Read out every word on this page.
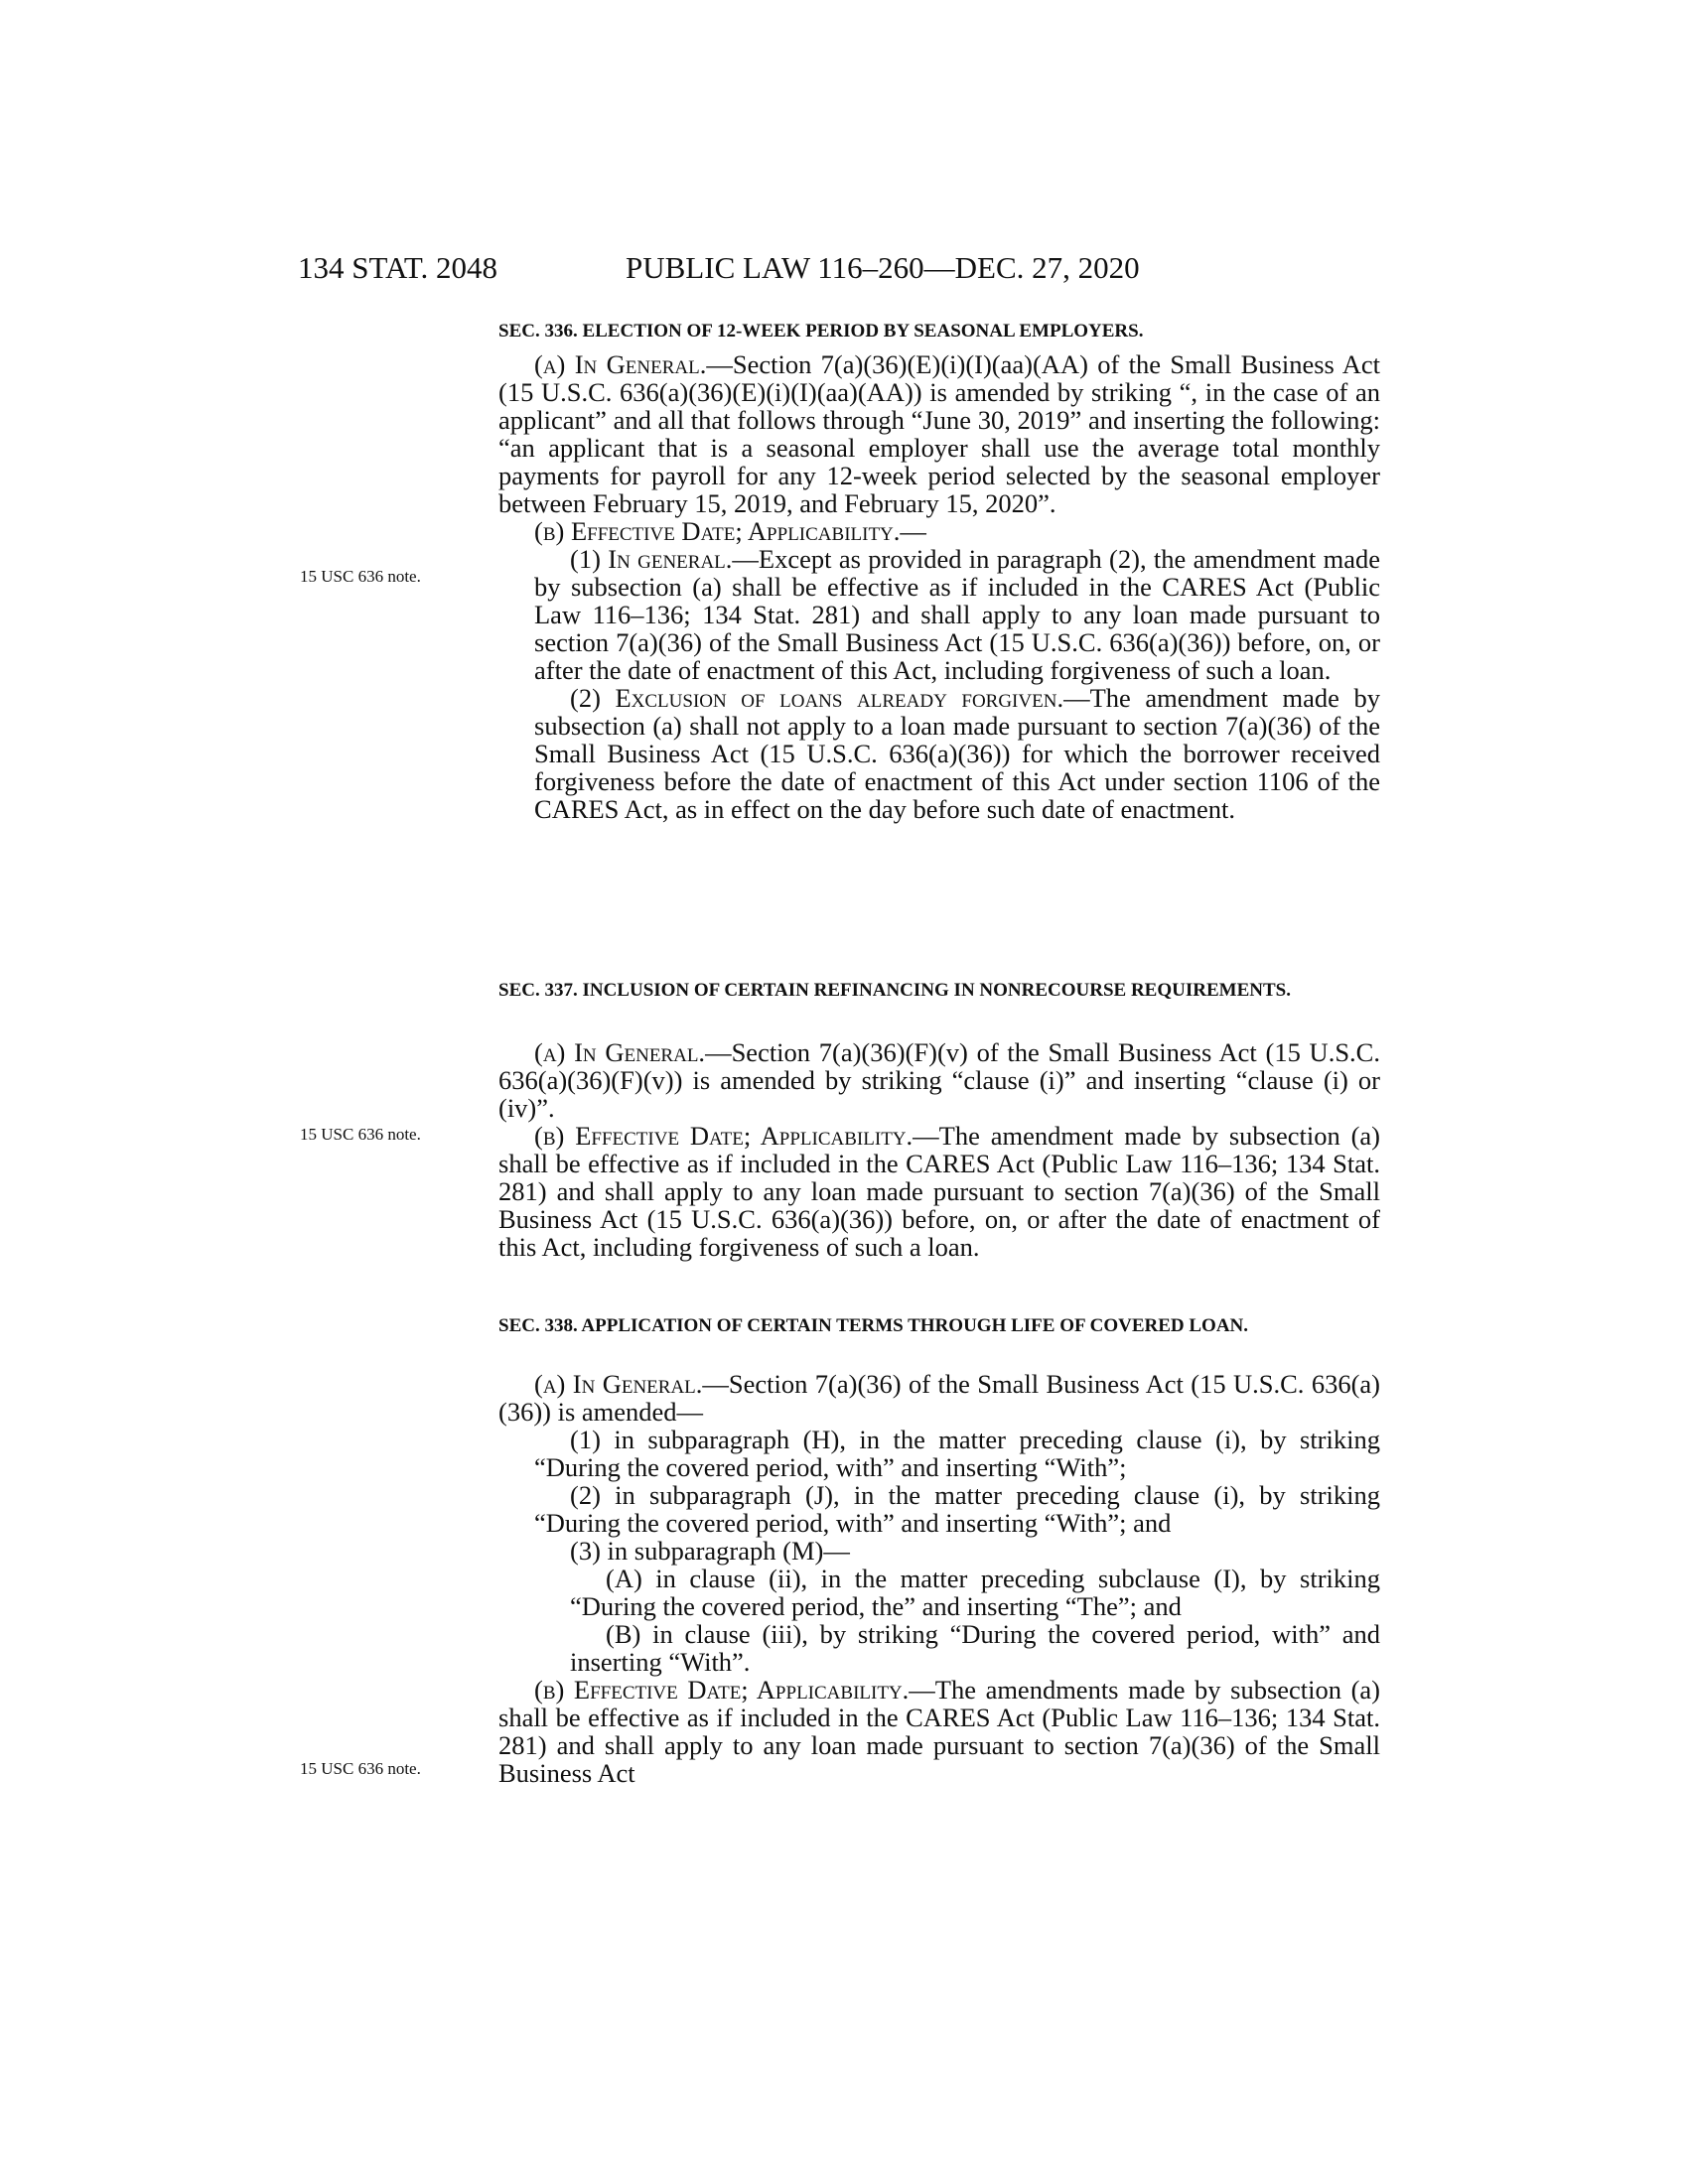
134 STAT. 2048	PUBLIC LAW 116–260—DEC. 27, 2020
15 USC 636 note.
15 USC 636 note.
15 USC 636 note.

SEC. 336. ELECTION OF 12-WEEK PERIOD BY SEASONAL EMPLOYERS.

(a) In General.—Section 7(a)(36)(E)(i)(I)(aa)(AA) of the Small Business Act (15 U.S.C. 636(a)(36)(E)(i)(I)(aa)(AA)) is amended by striking “, in the case of an applicant” and all that follows through “June 30, 2019” and inserting the following: “an applicant that is a seasonal employer shall use the average total monthly payments for payroll for any 12-week period selected by the seasonal employer between February 15, 2019, and February 15, 2020”.

(b) Effective Date; Applicability.—

(1) In general.—Except as provided in paragraph (2), the amendment made by subsection (a) shall be effective as if included in the CARES Act (Public Law 116–136; 134 Stat. 281) and shall apply to any loan made pursuant to section 7(a)(36) of the Small Business Act (15 U.S.C. 636(a)(36)) before, on, or after the date of enactment of this Act, including forgiveness of such a loan.

(2) Exclusion of loans already forgiven.—The amendment made by subsection (a) shall not apply to a loan made pursuant to section 7(a)(36) of the Small Business Act (15 U.S.C. 636(a)(36)) for which the borrower received forgiveness before the date of enactment of this Act under section 1106 of the CARES Act, as in effect on the day before such date of enactment.

SEC. 337. INCLUSION OF CERTAIN REFINANCING IN NONRECOURSE REQUIREMENTS.

(a) In General.—Section 7(a)(36)(F)(v) of the Small Business Act (15 U.S.C. 636(a)(36)(F)(v)) is amended by striking “clause (i)” and inserting “clause (i) or (iv)”.

(b) Effective Date; Applicability.—The amendment made by subsection (a) shall be effective as if included in the CARES Act (Public Law 116–136; 134 Stat. 281) and shall apply to any loan made pursuant to section 7(a)(36) of the Small Business Act (15 U.S.C. 636(a)(36)) before, on, or after the date of enactment of this Act, including forgiveness of such a loan.

SEC. 338. APPLICATION OF CERTAIN TERMS THROUGH LIFE OF COVERED LOAN.

(a) In General.—Section 7(a)(36) of the Small Business Act (15 U.S.C. 636(a)(36)) is amended—

(1) in subparagraph (H), in the matter preceding clause (i), by striking “During the covered period, with” and inserting “With”;

(2) in subparagraph (J), in the matter preceding clause (i), by striking “During the covered period, with” and inserting “With”; and

(3) in subparagraph (M)—

(A) in clause (ii), in the matter preceding subclause (I), by striking “During the covered period, the” and inserting “The”; and

(B) in clause (iii), by striking “During the covered period, with” and inserting “With”.

(b) Effective Date; Applicability.—The amendments made by subsection (a) shall be effective as if included in the CARES Act (Public Law 116–136; 134 Stat. 281) and shall apply to any loan made pursuant to section 7(a)(36) of the Small Business Act
